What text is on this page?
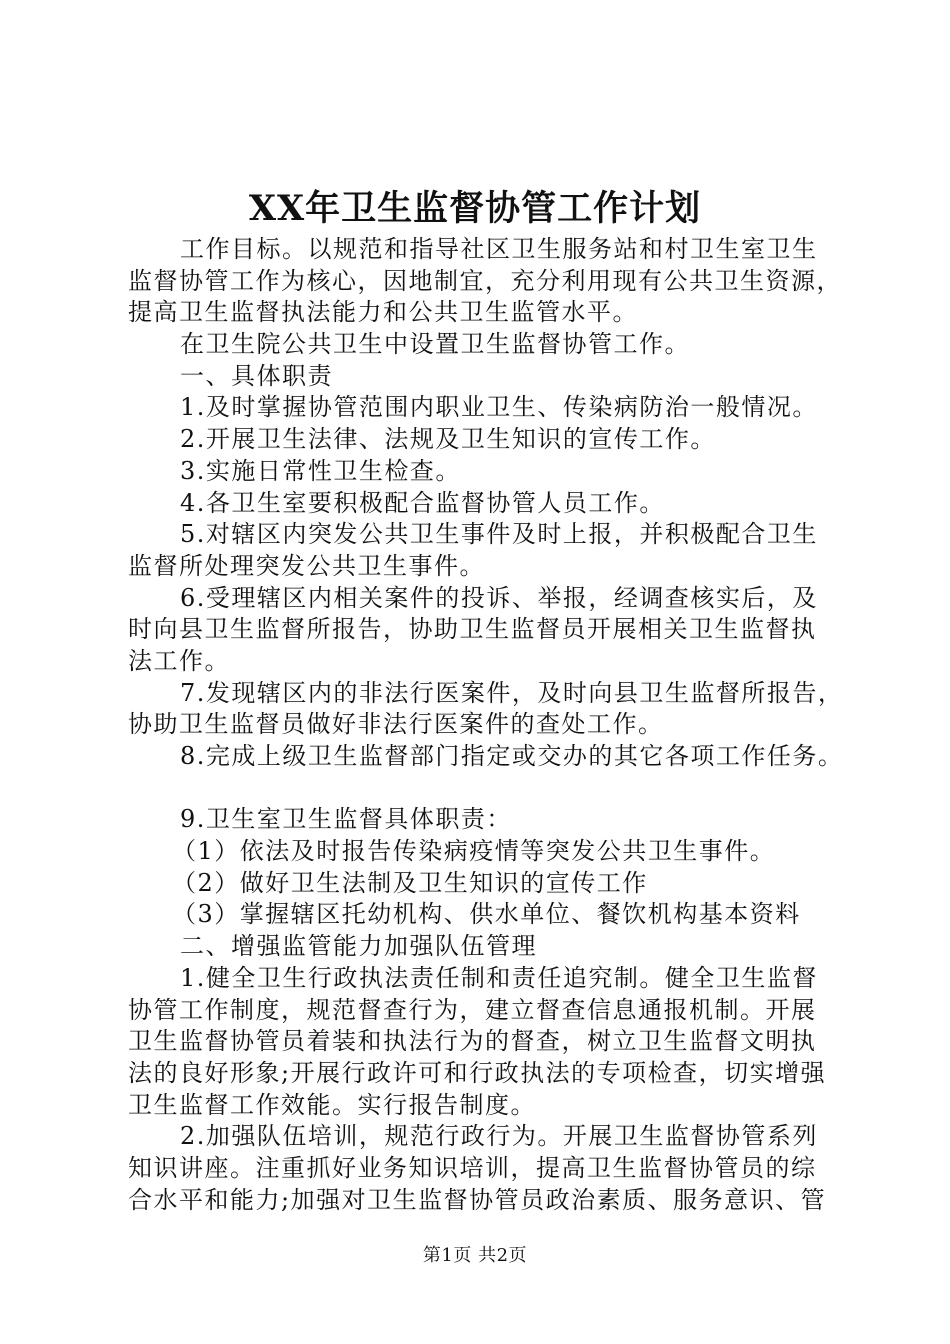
XX年卫生监督协管工作计划
工作目标。以规范和指导社区卫生服务站和村卫生室卫生
监督协管工作为核心，因地制宜，充分利用现有公共卫生资源，
提高卫生监督执法能力和公共卫生监管水平。
在卫生院公共卫生中设置卫生监督协管工作。
一、具体职责
1.及时掌握协管范围内职业卫生、传染病防治一般情况。
2.开展卫生法律、法规及卫生知识的宣传工作。
3.实施日常性卫生检查。
4.各卫生室要积极配合监督协管人员工作。
5.对辖区内突发公共卫生事件及时上报，并积极配合卫生
监督所处理突发公共卫生事件。
6.受理辖区内相关案件的投诉、举报，经调查核实后，及
时向县卫生监督所报告，协助卫生监督员开展相关卫生监督执
法工作。
7.发现辖区内的非法行医案件，及时向县卫生监督所报告，
协助卫生监督员做好非法行医案件的查处工作。
8.完成上级卫生监督部门指定或交办的其它各项工作任务。
9.卫生室卫生监督具体职责：
（1）依法及时报告传染病疫情等突发公共卫生事件。
（2）做好卫生法制及卫生知识的宣传工作
（3）掌握辖区托幼机构、供水单位、餐饮机构基本资料
二、增强监管能力加强队伍管理
1.健全卫生行政执法责任制和责任追究制。健全卫生监督
协管工作制度，规范督查行为，建立督查信息通报机制。开展
卫生监督协管员着装和执法行为的督查，树立卫生监督文明执
法的良好形象;开展行政许可和行政执法的专项检查，切实增强
卫生监督工作效能。实行报告制度。
2.加强队伍培训，规范行政行为。开展卫生监督协管系列
知识讲座。注重抓好业务知识培训，提高卫生监督协管员的综
合水平和能力;加强对卫生监督协管员政治素质、服务意识、管
第1页 共2页
